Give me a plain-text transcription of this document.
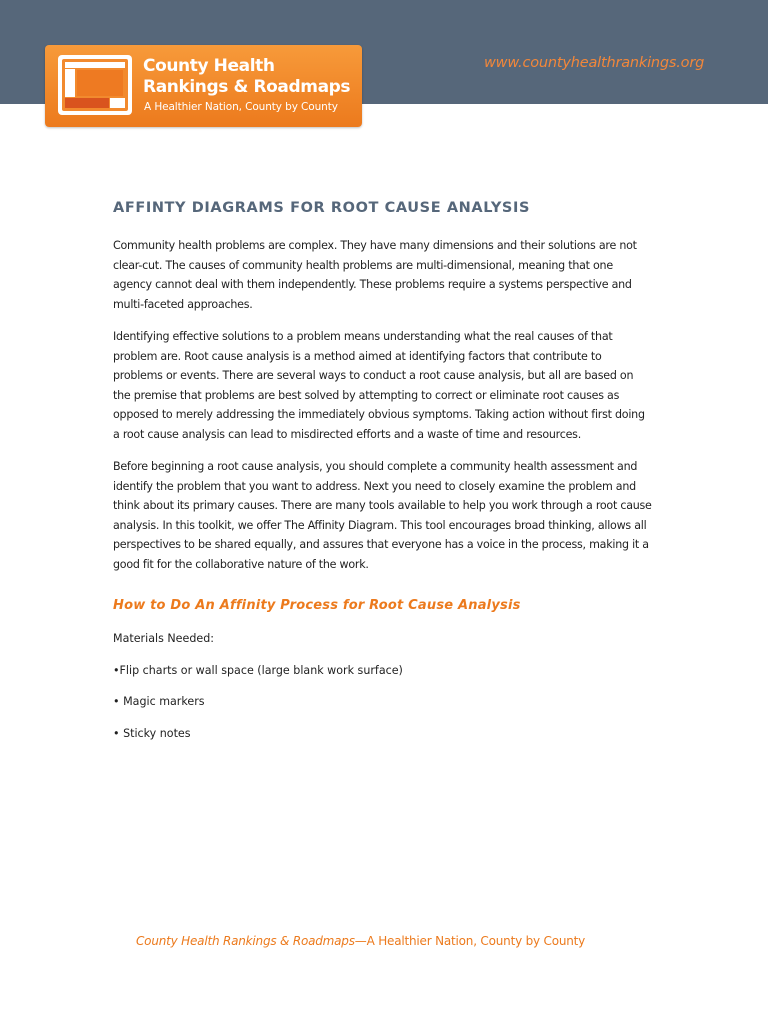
County Health
Rankings & Roadmaps
A Healthier Nation, County by County
www.countyhealthrankings.org
AFFINTY DIAGRAMS FOR ROOT CAUSE ANALYSIS

Community health problems are complex. They have many dimensions and their solutions are not clear-cut. The causes of community health problems are multi-dimensional, meaning that one agency cannot deal with them independently. These problems require a systems perspective and multi-faceted approaches.

Identifying effective solutions to a problem means understanding what the real causes of that problem are. Root cause analysis is a method aimed at identifying factors that contribute to problems or events. There are several ways to conduct a root cause analysis, but all are based on the premise that problems are best solved by attempting to correct or eliminate root causes as opposed to merely addressing the immediately obvious symptoms. Taking action without first doing a root cause analysis can lead to misdirected efforts and a waste of time and resources.

Before beginning a root cause analysis, you should complete a community health assessment and identify the problem that you want to address. Next you need to closely examine the problem and think about its primary causes. There are many tools available to help you work through a root cause analysis. In this toolkit, we offer The Affinity Diagram. This tool encourages broad thinking, allows all perspectives to be shared equally, and assures that everyone has a voice in the process, making it a good fit for the collaborative nature of the work.

How to Do An Affinity Process for Root Cause Analysis

Materials Needed:

•Flip charts or wall space (large blank work surface)

• Magic markers

• Sticky notes

County Health Rankings & Roadmaps—A Healthier Nation, County by County
